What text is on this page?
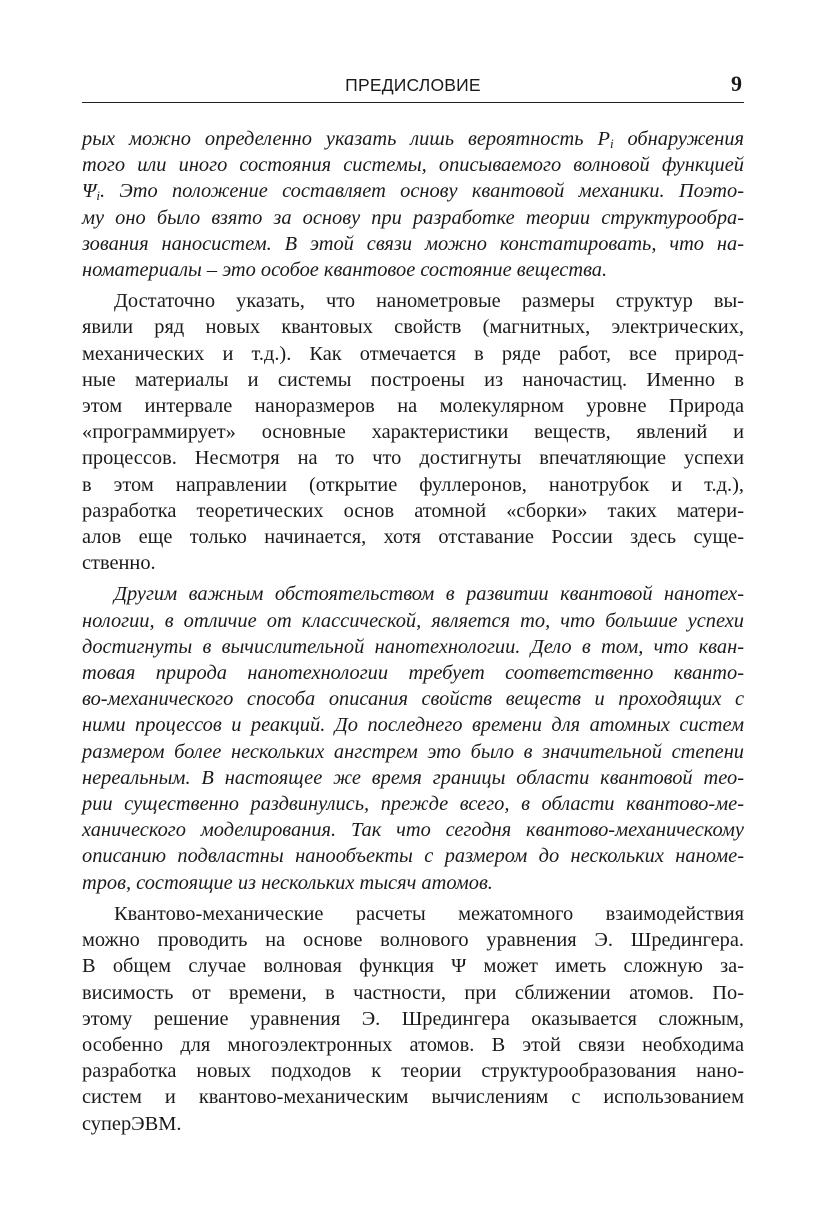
ПРЕДИСЛОВИЕ	9

рых можно определенно указать лишь вероятность $P_i$ обнаружения
того или иного состояния системы, описываемого волновой функцией
$\Psi_i$. Это положение составляет основу квантовой механики. Поэто-
му оно было взято за основу при разработке теории структурообра-
зования наносистем. В этой связи можно констатировать, что на-
номатериалы – это особое квантовое состояние вещества.

Достаточно указать, что нанометровые размеры структур вы-
явили ряд новых квантовых свойств (магнитных, электрических,
механических и т.д.). Как отмечается в ряде работ, все природ-
ные материалы и системы построены из наночастиц. Именно в
этом интервале наноразмеров на молекулярном уровне Природа
«программирует» основные характеристики веществ, явлений и
процессов. Несмотря на то что достигнуты впечатляющие успехи
в этом направлении (открытие фуллеронов, нанотрубок и т.д.),
разработка теоретических основ атомной «сборки» таких матери-
алов еще только начинается, хотя отставание России здесь суще-
ственно.

Другим важным обстоятельством в развитии квантовой нанотех-
нологии, в отличие от классической, является то, что большие успехи
достигнуты в вычислительной нанотехнологии. Дело в том, что кван-
товая природа нанотехнологии требует соответственно кванто-
во-механического способа описания свойств веществ и проходящих с
ними процессов и реакций. До последнего времени для атомных систем
размером более нескольких ангстрем это было в значительной степени
нереальным. В настоящее же время границы области квантовой тео-
рии существенно раздвинулись, прежде всего, в области квантово-ме-
ханического моделирования. Так что сегодня квантово-механическому
описанию подвластны нанообъекты с размером до нескольких наноме-
тров, состоящие из нескольких тысяч атомов.

Квантово-механические расчеты межатомного взаимодействия
можно проводить на основе волнового уравнения Э. Шредингера.
В общем случае волновая функция Ψ может иметь сложную за-
висимость от времени, в частности, при сближении атомов. По-
этому решение уравнения Э. Шредингера оказывается сложным,
особенно для многоэлектронных атомов. В этой связи необходима
разработка новых подходов к теории структурообразования нано-
систем и квантово-механическим вычислениям с использованием
суперЭВМ.
